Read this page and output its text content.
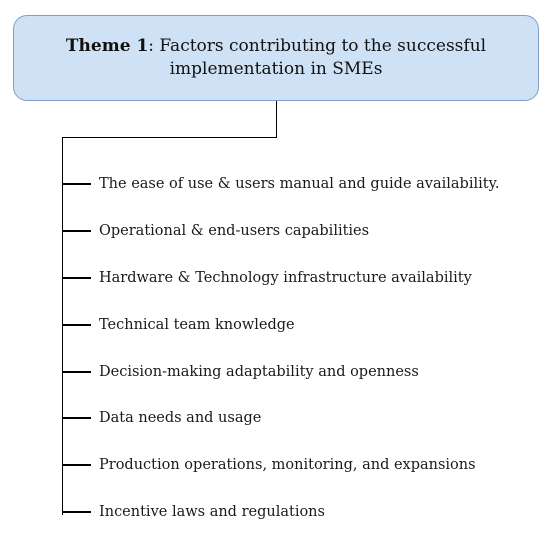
Theme 1: Factors contributing to the successful
implementation in SMEs
The ease of use & users manual and guide availability.
Operational & end-users capabilities
Hardware & Technology infrastructure availability
Technical team knowledge
Decision-making adaptability and openness
Data needs and usage
Production operations, monitoring, and expansions
Incentive laws and regulations
